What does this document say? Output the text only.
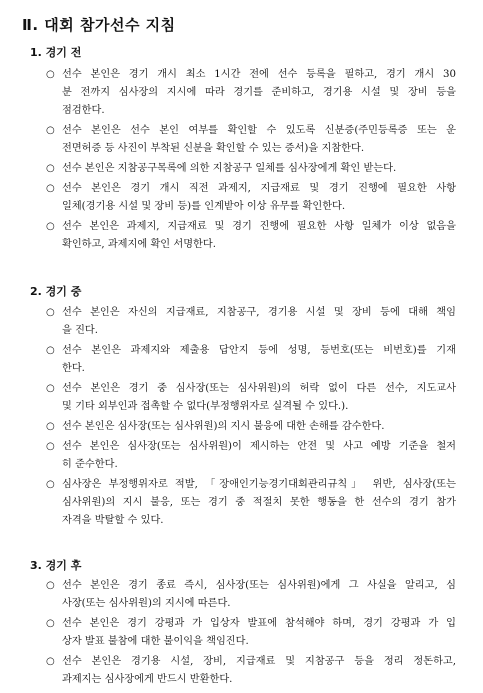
Ⅱ. 대회 참가선수 지침
1. 경기 전
○ 선수 본인은 경기 개시 최소 1시간 전에 선수 등록을 필하고, 경기 개시 30
분 전까지 심사장의 지시에 따라 경기를 준비하고, 경기용 시설 및 장비 등을
점검한다.
○ 선수 본인은 선수 본인 여부를 확인할 수 있도록 신분증(주민등록증 또는 운
전면허증 등 사진이 부착된 신분을 확인할 수 있는 증서)을 지참한다.
○ 선수 본인은 지참공구목록에 의한 지참공구 일체를 심사장에게 확인 받는다.
○ 선수 본인은 경기 개시 직전 과제지, 지급재료 및 경기 진행에 필요한 사항
일체(경기용 시설 및 장비 등)를 인계받아 이상 유무를 확인한다.
○ 선수 본인은 과제지, 지급재료 및 경기 진행에 필요한 사항 일체가 이상 없음을
확인하고, 과제지에 확인 서명한다.
2. 경기 중
○ 선수 본인은 자신의 지급재료, 지참공구, 경기용 시설 및 장비 등에 대해 책임
을 진다.
○ 선수 본인은 과제지와 제출용 답안지 등에 성명, 등번호(또는 비번호)를 기재
한다.
○ 선수 본인은 경기 중 심사장(또는 심사위원)의 허락 없이 다른 선수, 지도교사
및 기타 외부인과 접촉할 수 없다(부정행위자로 실격될 수 있다.).
○ 선수 본인은 심사장(또는 심사위원)의 지시 불응에 대한 손해를 감수한다.
○ 선수 본인은 심사장(또는 심사위원)이 제시하는 안전 및 사고 예방 기준을 철저
히 준수한다.
○ 심사장은 부정행위자로 적발, 「장애인기능경기대회관리규칙」 위반, 심사장(또는
심사위원)의 지시 불응, 또는 경기 중 적절치 못한 행동을 한 선수의 경기 참가
자격을 박탈할 수 있다.
3. 경기 후
○ 선수 본인은 경기 종료 즉시, 심사장(또는 심사위원)에게 그 사실을 알리고, 심
사장(또는 심사위원)의 지시에 따른다.
○ 선수 본인은 경기 강평과 가 입상자 발표에 참석해야 하며, 경기 강평과 가 입
상자 발표 불참에 대한 불이익을 책임진다.
○ 선수 본인은 경기용 시설, 장비, 지급재료 및 지참공구 등을 정리 정돈하고,
과제지는 심사장에게 반드시 반환한다.
